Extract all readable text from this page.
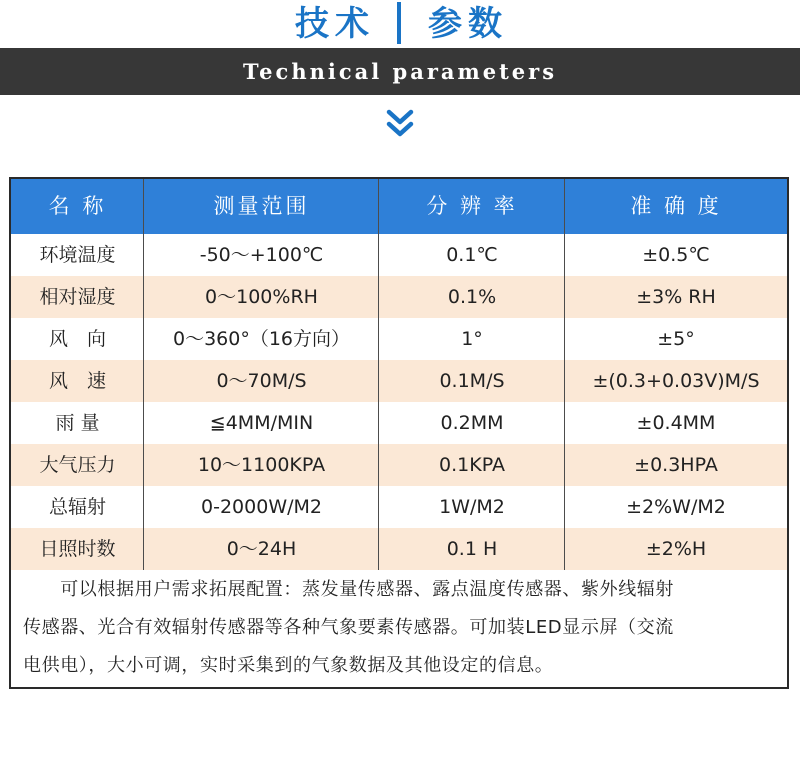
技术 参数
Technical parameters
名 称	测量范围	分 辨 率	准 确 度
环境温度	-50～+100℃	0.1℃	±0.5℃
相对湿度	0～100%RH	0.1%	±3% RH
风　向	0～360°（16方向）	1°	±5°
风　速	0～70M/S	0.1M/S	±(0.3+0.03V)M/S
雨 量	≦4MM/MIN	0.2MM	±0.4MM
大气压力	10～1100KPA	0.1KPA	±0.3HPA
总辐射	0-2000W/M2	1W/M2	±2%W/M2
日照时数	0～24H	0.1 H	±2%H
　　可以根据用户需求拓展配置：蒸发量传感器、露点温度传感器、紫外线辐射
传感器、光合有效辐射传感器等各种气象要素传感器。可加装LED显示屏（交流
电供电），大小可调，实时采集到的气象数据及其他设定的信息。
